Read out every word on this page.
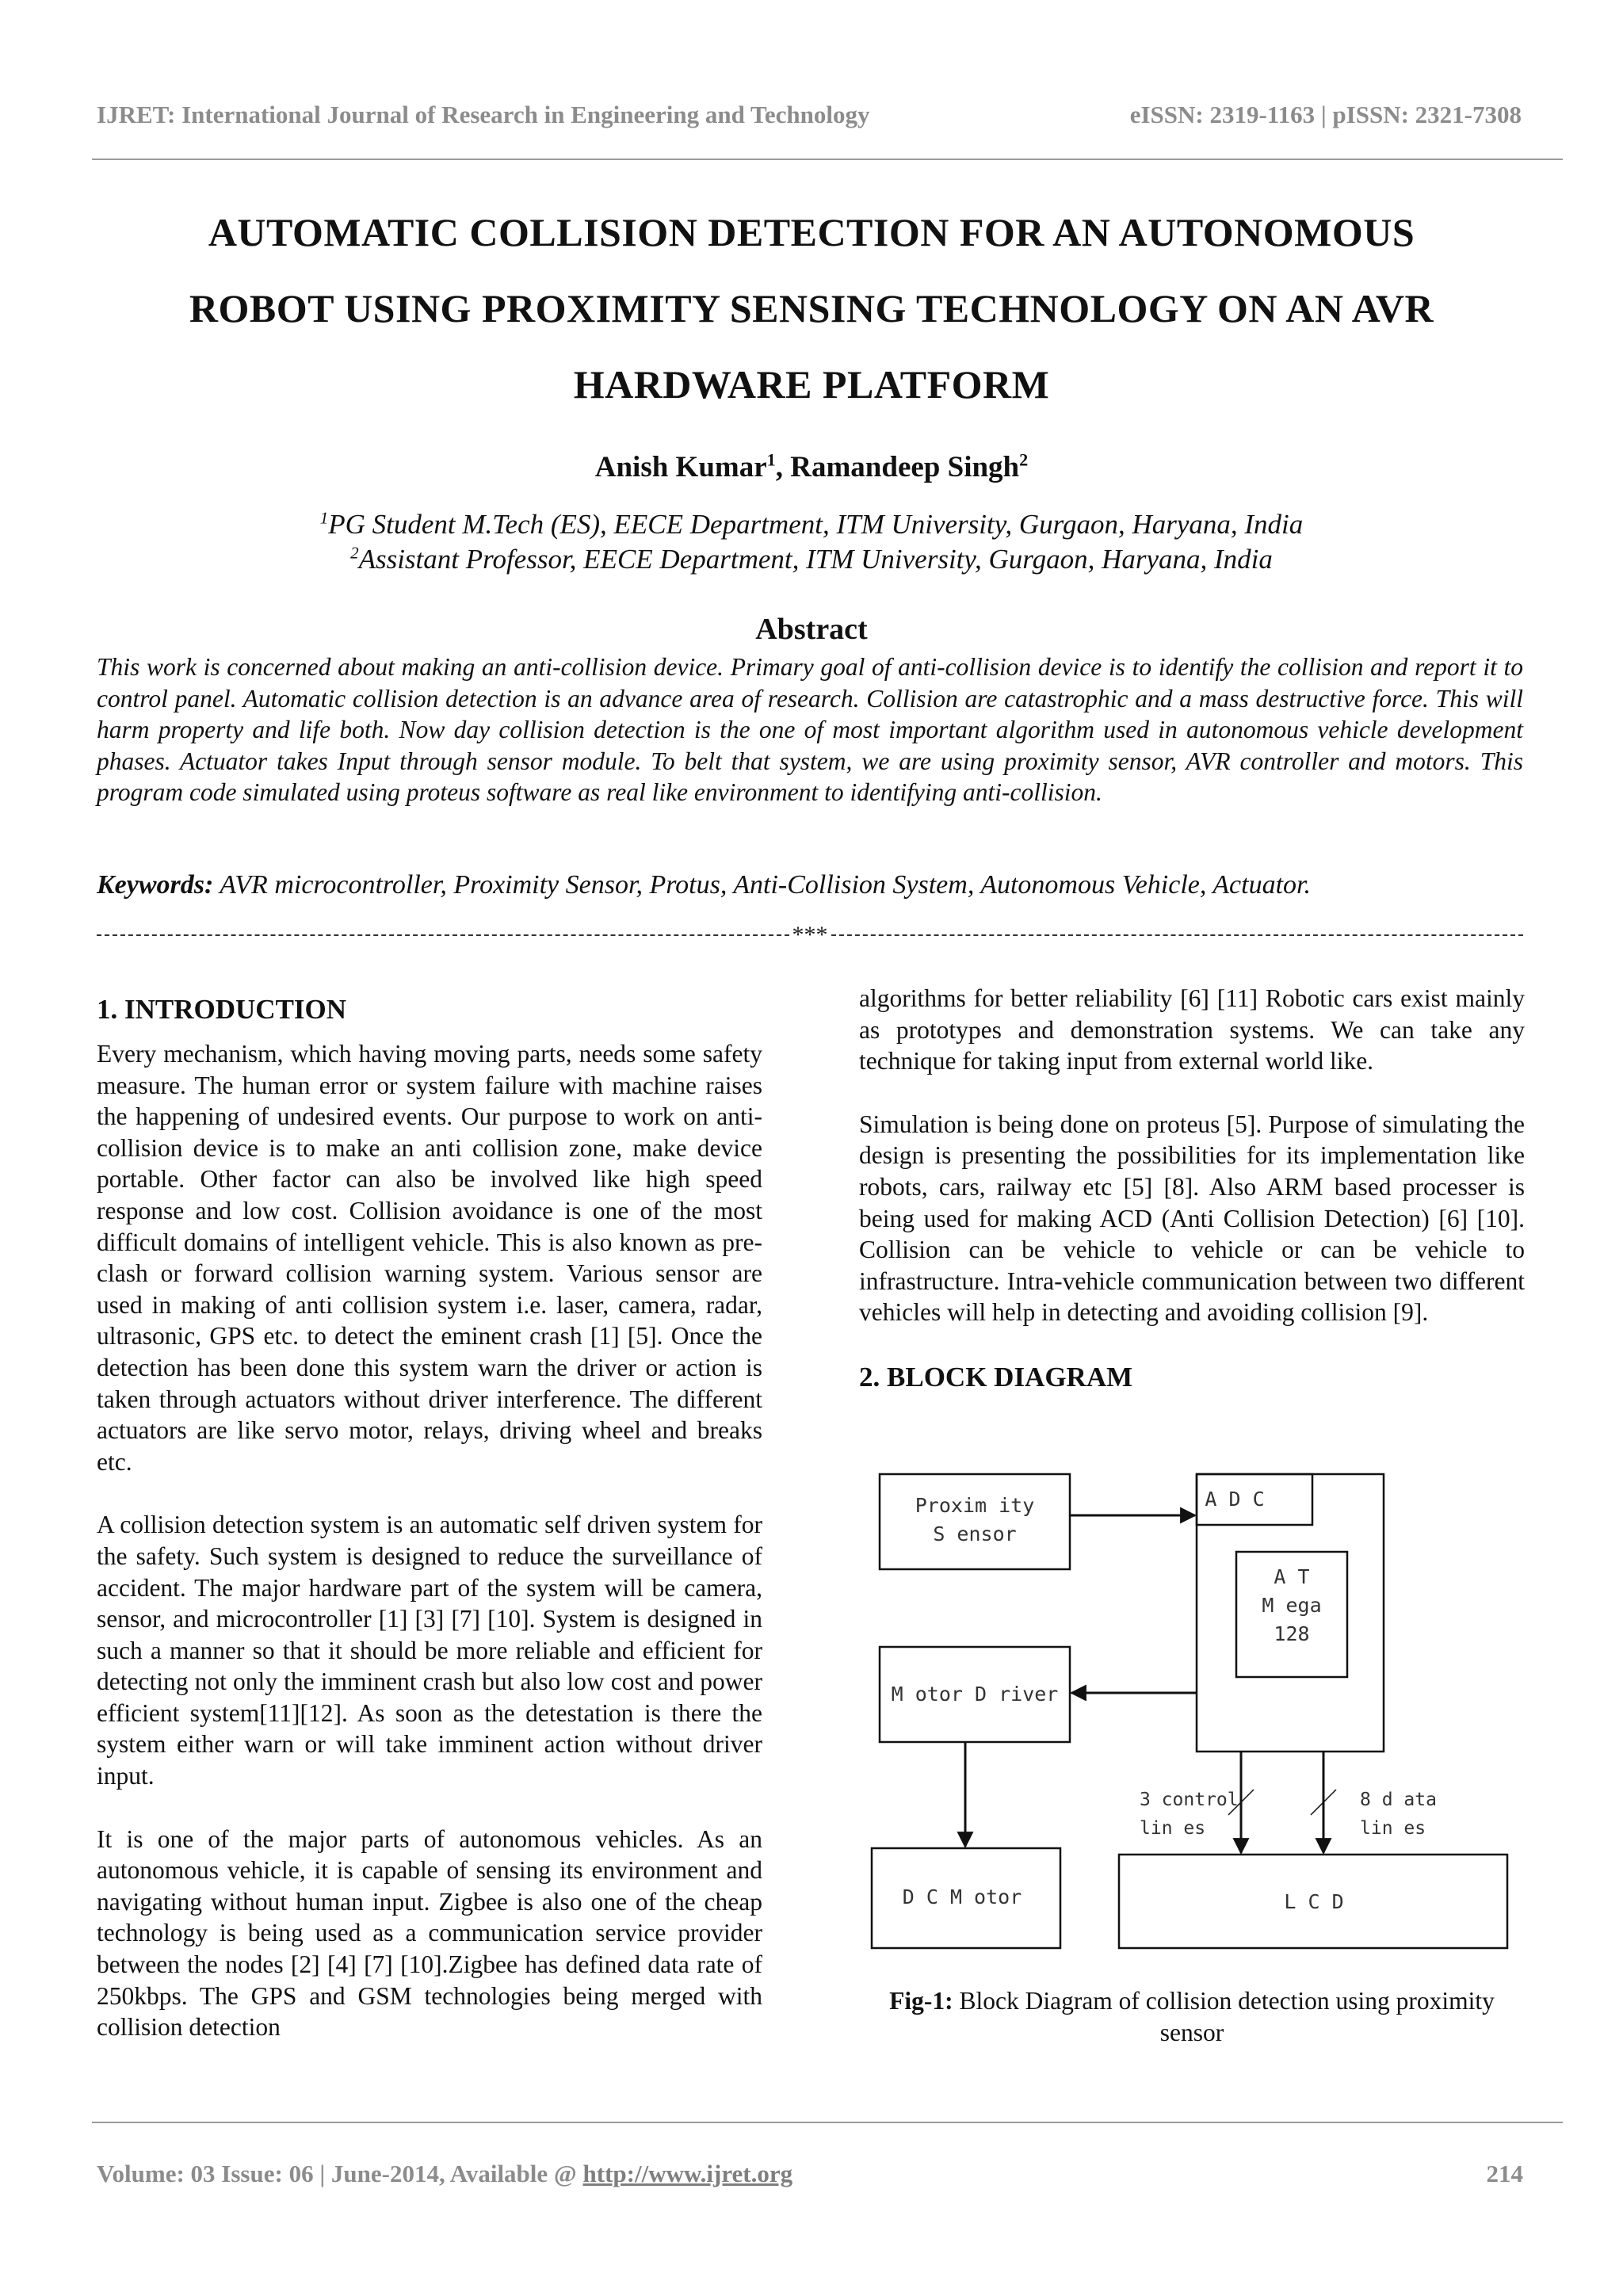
IJRET: International Journal of Research in Engineering and Technology	eISSN: 2319-1163 | pISSN: 2321-7308
AUTOMATIC COLLISION DETECTION FOR AN AUTONOMOUS
ROBOT USING PROXIMITY SENSING TECHNOLOGY ON AN AVR
HARDWARE PLATFORM
Anish Kumar$^1$, Ramandeep Singh$^2$
$^1$PG Student M.Tech (ES), EECE Department, ITM University, Gurgaon, Haryana, India
$^2$Assistant Professor, EECE Department, ITM University, Gurgaon, Haryana, India
Abstract
This work is concerned about making an anti-collision device. Primary goal of anti-collision device is to identify the collision and report it to control panel. Automatic collision detection is an advance area of research. Collision are catastrophic and a mass destructive force. This will harm property and life both. Now day collision detection is the one of most important algorithm used in autonomous vehicle development phases. Actuator takes Input through sensor module. To belt that system, we are using proximity sensor, AVR controller and motors. This program code simulated using proteus software as real like environment to identifying anti-collision.
Keywords: AVR microcontroller, Proximity Sensor, Protus, Anti-Collision System, Autonomous Vehicle, Actuator.
***
1. INTRODUCTION

Every mechanism, which having moving parts, needs some safety measure. The human error or system failure with machine raises the happening of undesired events. Our purpose to work on anti-collision device is to make an anti collision zone, make device portable. Other factor can also be involved like high speed response and low cost. Collision avoidance is one of the most difficult domains of intelligent vehicle. This is also known as pre-clash or forward collision warning system. Various sensor are used in making of anti collision system i.e. laser, camera, radar, ultrasonic, GPS etc. to detect the eminent crash [1] [5]. Once the detection has been done this system warn the driver or action is taken through actuators without driver interference. The different actuators are like servo motor, relays, driving wheel and breaks etc.

A collision detection system is an automatic self driven system for the safety. Such system is designed to reduce the surveillance of accident. The major hardware part of the system will be camera, sensor, and microcontroller [1] [3] [7] [10]. System is designed in such a manner so that it should be more reliable and efficient for detecting not only the imminent crash but also low cost and power efficient system[11][12]. As soon as the detestation is there the system either warn or will take imminent action without driver input.

It is one of the major parts of autonomous vehicles. As an autonomous vehicle, it is capable of sensing its environment and navigating without human input. Zigbee is also one of the cheap technology is being used as a communication service provider between the nodes [2] [4] [7] [10].Zigbee has defined data rate of 250kbps. The GPS and GSM technologies being merged with collision detection

algorithms for better reliability [6] [11] Robotic cars exist mainly as prototypes and demonstration systems. We can take any technique for taking input from external world like.

Simulation is being done on proteus [5]. Purpose of simulating the design is presenting the possibilities for its implementation like robots, cars, railway etc [5] [8]. Also ARM based processer is being used for making ACD (Anti Collision Detection) [6] [10]. Collision can be vehicle to vehicle or can be vehicle to infrastructure. Intra-vehicle communication between two different vehicles will help in detecting and avoiding collision [9].

2. BLOCK DIAGRAM
Proxim ity
S ensor
A D C
A T
M ega
128
M otor D river
D C M otor	L C D
3 control
lin es
8 d ata
lin es
Fig-1: Block Diagram of collision detection using proximity sensor
Volume: 03 Issue: 06 | June-2014, Available @ http://www.ijret.org	214
